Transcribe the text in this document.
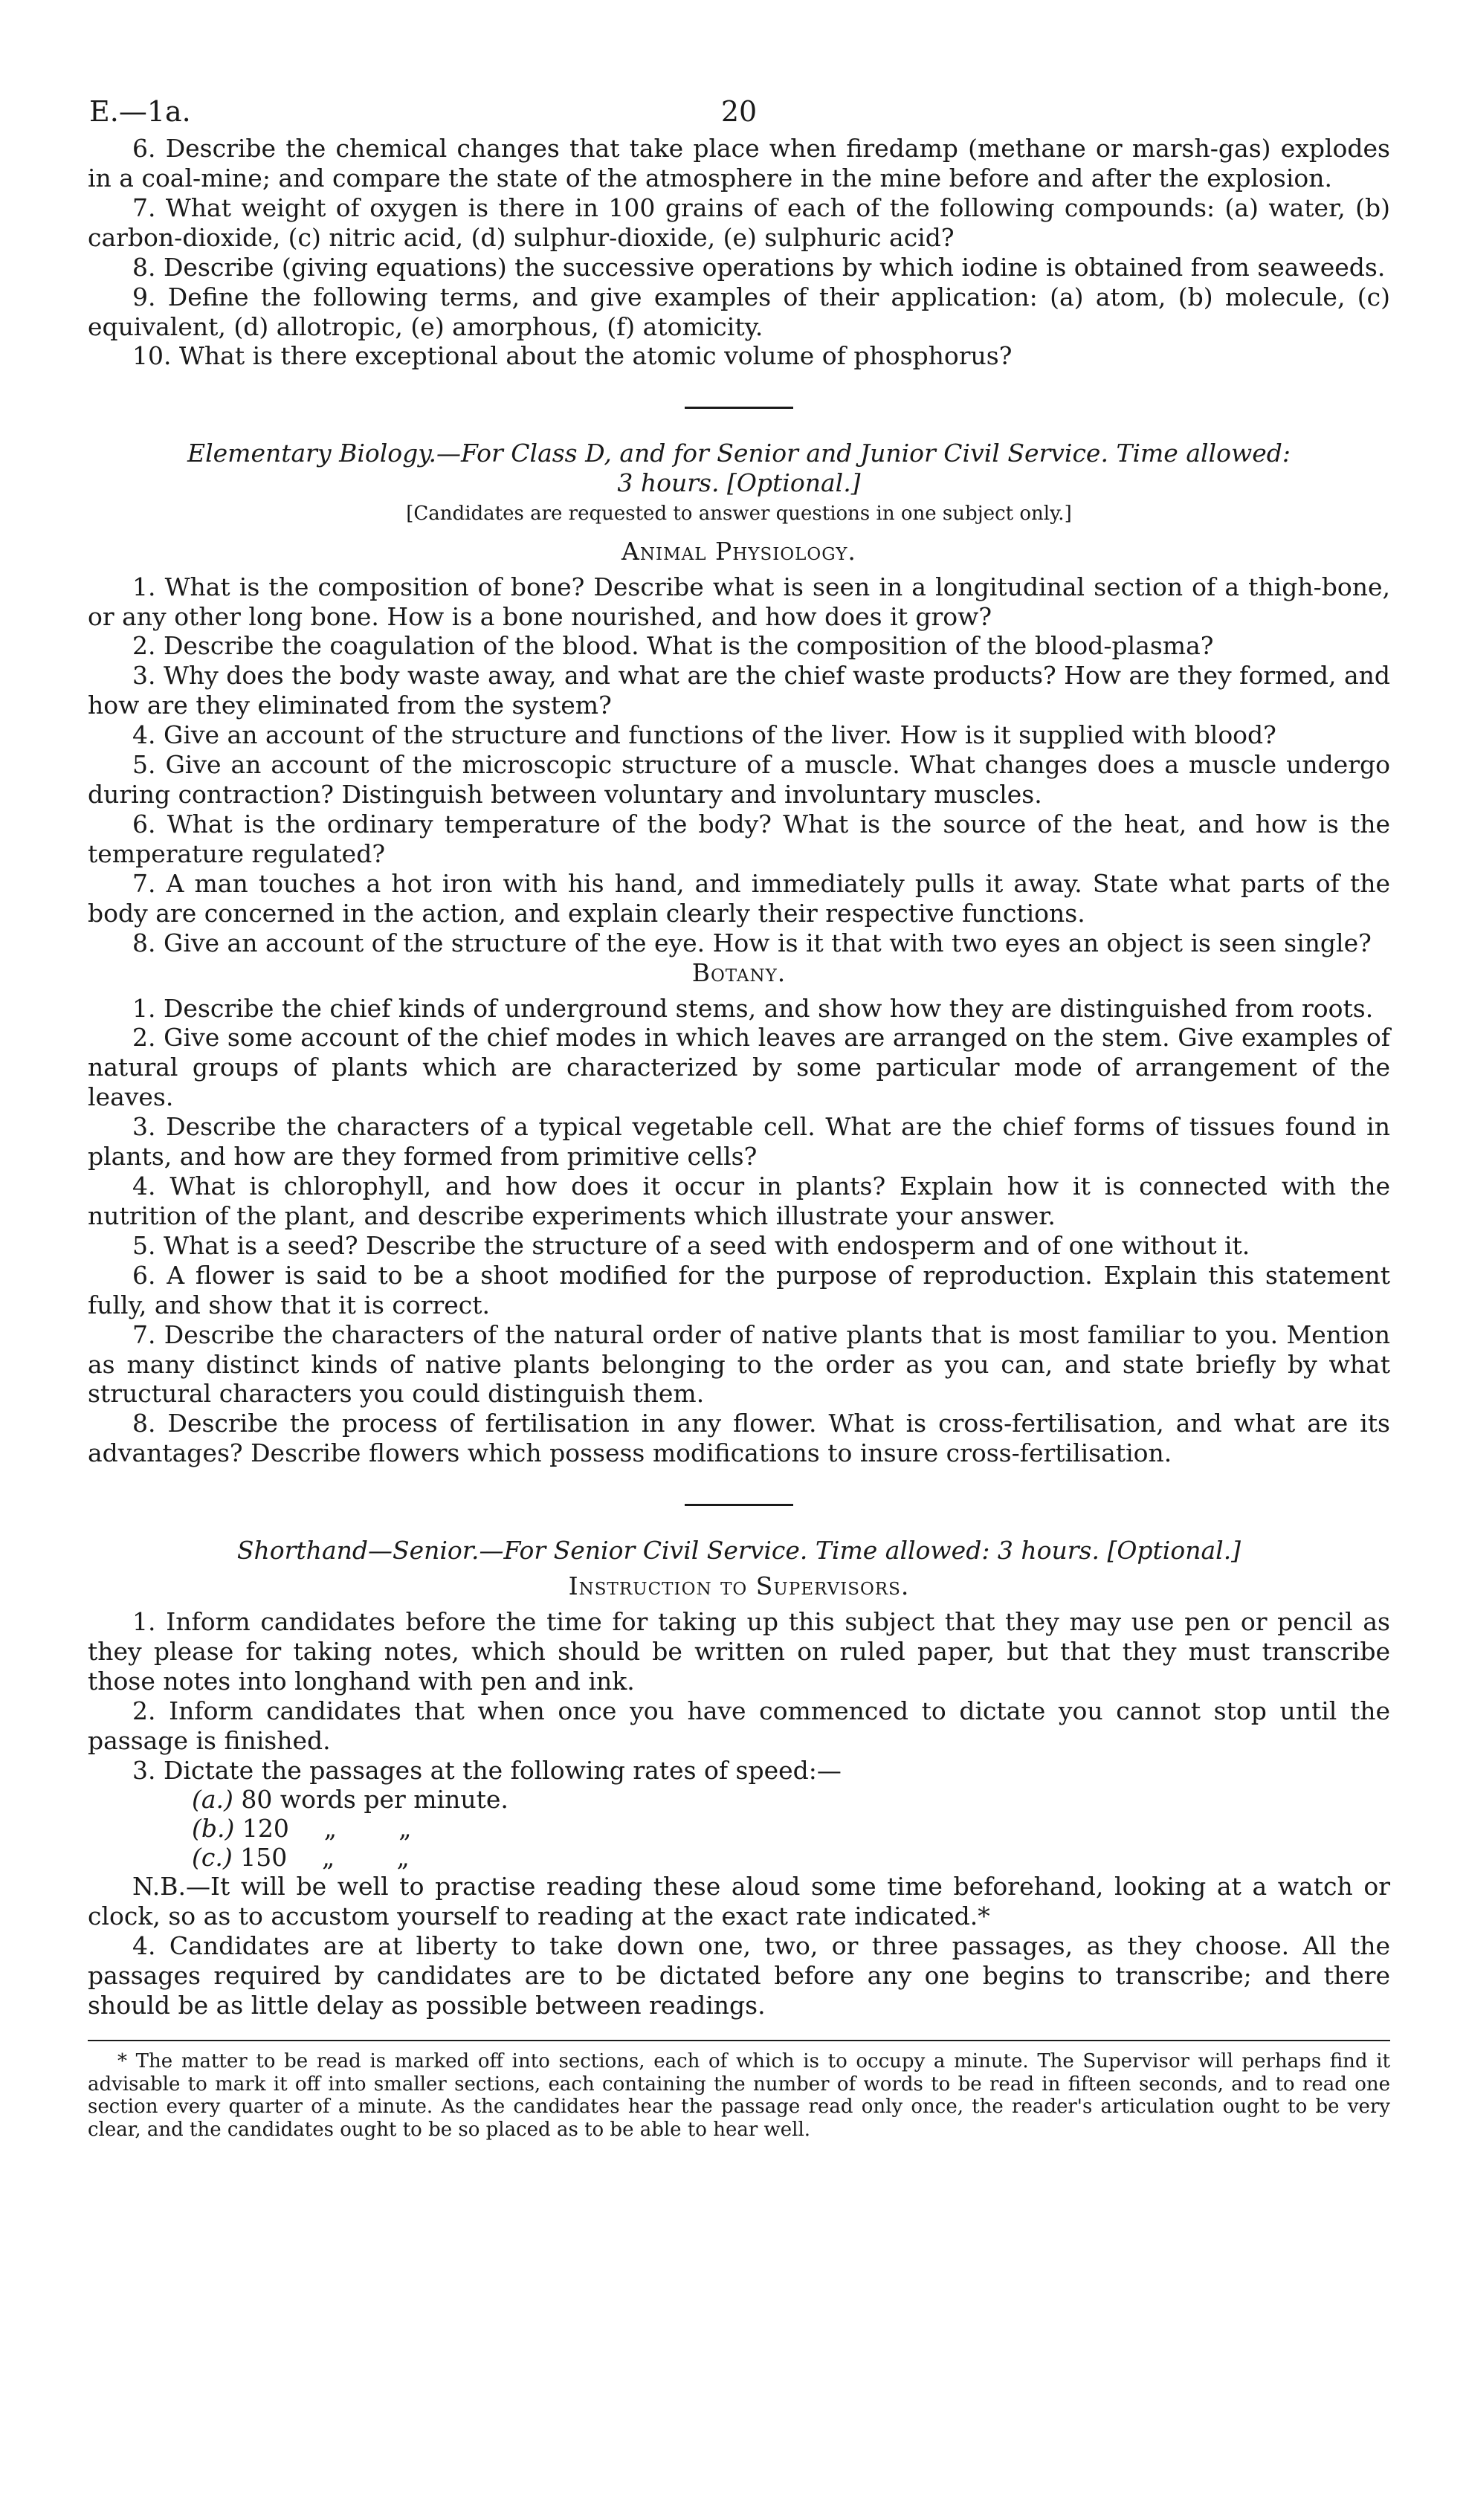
E.—1a.	20

6. Describe the chemical changes that take place when firedamp (methane or marsh-gas) explodes in a coal-mine; and compare the state of the atmosphere in the mine before and after the explosion.

7. What weight of oxygen is there in 100 grains of each of the following compounds: (a) water, (b) carbon-dioxide, (c) nitric acid, (d) sulphur-dioxide, (e) sulphuric acid?

8. Describe (giving equations) the successive operations by which iodine is obtained from seaweeds.

9. Define the following terms, and give examples of their application: (a) atom, (b) molecule, (c) equivalent, (d) allotropic, (e) amorphous, (f) atomicity.

10. What is there exceptional about the atomic volume of phosphorus?

Elementary Biology.—For Class D, and for Senior and Junior Civil Service. Time allowed:
3 hours. [Optional.]

[Candidates are requested to answer questions in one subject only.]

Animal Physiology.

1. What is the composition of bone? Describe what is seen in a longitudinal section of a thigh-bone, or any other long bone. How is a bone nourished, and how does it grow?

2. Describe the coagulation of the blood. What is the composition of the blood-plasma?

3. Why does the body waste away, and what are the chief waste products? How are they formed, and how are they eliminated from the system?

4. Give an account of the structure and functions of the liver. How is it supplied with blood?

5. Give an account of the microscopic structure of a muscle. What changes does a muscle undergo during contraction? Distinguish between voluntary and involuntary muscles.

6. What is the ordinary temperature of the body? What is the source of the heat, and how is the temperature regulated?

7. A man touches a hot iron with his hand, and immediately pulls it away. State what parts of the body are concerned in the action, and explain clearly their respective functions.

8. Give an account of the structure of the eye. How is it that with two eyes an object is seen single?

Botany.

1. Describe the chief kinds of underground stems, and show how they are distinguished from roots.

2. Give some account of the chief modes in which leaves are arranged on the stem. Give examples of natural groups of plants which are characterized by some particular mode of arrangement of the leaves.

3. Describe the characters of a typical vegetable cell. What are the chief forms of tissues found in plants, and how are they formed from primitive cells?

4. What is chlorophyll, and how does it occur in plants? Explain how it is connected with the nutrition of the plant, and describe experiments which illustrate your answer.

5. What is a seed? Describe the structure of a seed with endosperm and of one without it.

6. A flower is said to be a shoot modified for the purpose of reproduction. Explain this statement fully, and show that it is correct.

7. Describe the characters of the natural order of native plants that is most familiar to you. Mention as many distinct kinds of native plants belonging to the order as you can, and state briefly by what structural characters you could distinguish them.

8. Describe the process of fertilisation in any flower. What is cross-fertilisation, and what are its advantages? Describe flowers which possess modifications to insure cross-fertilisation.

Shorthand—Senior.—For Senior Civil Service. Time allowed: 3 hours. [Optional.]

Instruction to Supervisors.

1. Inform candidates before the time for taking up this subject that they may use pen or pencil as they please for taking notes, which should be written on ruled paper, but that they must transcribe those notes into longhand with pen and ink.

2. Inform candidates that when once you have commenced to dictate you cannot stop until the passage is finished.

3. Dictate the passages at the following rates of speed:—

(a.) 80 words per minute.
(b.) 120 „	„
(c.) 150 „	„

N.B.—It will be well to practise reading these aloud some time beforehand, looking at a watch or clock, so as to accustom yourself to reading at the exact rate indicated.*

4. Candidates are at liberty to take down one, two, or three passages, as they choose. All the passages required by candidates are to be dictated before any one begins to transcribe; and there should be as little delay as possible between readings.

* The matter to be read is marked off into sections, each of which is to occupy a minute. The Supervisor will perhaps find it advisable to mark it off into smaller sections, each containing the number of words to be read in fifteen seconds, and to read one section every quarter of a minute. As the candidates hear the passage read only once, the reader's articulation ought to be very clear, and the candidates ought to be so placed as to be able to hear well.
